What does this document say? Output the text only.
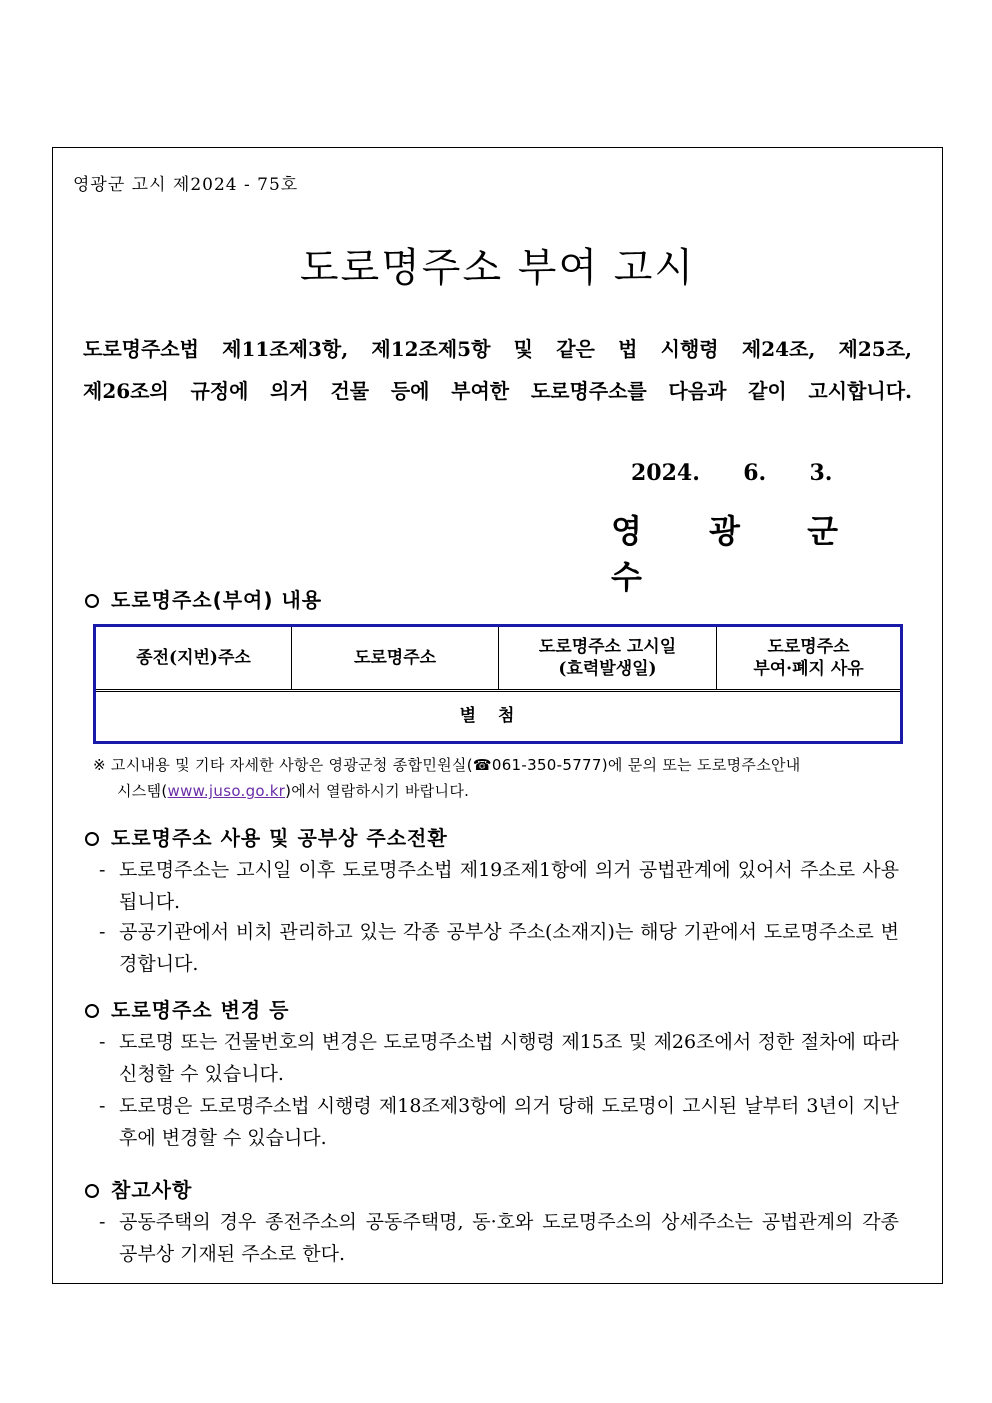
영광군 고시 제2024 - 75호
도로명주소 부여 고시
도로명주소법 제11조제3항, 제12조제5항 및 같은 법 시행령 제24조, 제25조,
제26조의 규정에 의거 건물 등에 부여한 도로명주소를 다음과 같이 고시합니다.
2024.  6.  3.
영 광 군 수
도로명주소(부여) 내용
종전(지번)주소	도로명주소
도로명주소 고시일
(효력발생일)
도로명주소
부여·폐지 사유
별첨
※ 고시내용 및 기타 자세한 사항은 영광군청 종합민원실(☎061-350-5777)에 문의 또는 도로명주소안내
시스템(www.juso.go.kr)에서 열람하시기 바랍니다.
도로명주소 사용 및 공부상 주소전환
- 도로명주소는 고시일 이후 도로명주소법 제19조제1항에 의거 공법관계에 있어서 주소로 사용됩니다.
- 공공기관에서 비치 관리하고 있는 각종 공부상 주소(소재지)는 해당 기관에서 도로명주소로 변경합니다.
도로명주소 변경 등
- 도로명 또는 건물번호의 변경은 도로명주소법 시행령 제15조 및 제26조에서 정한 절차에 따라 신청할 수 있습니다.
- 도로명은 도로명주소법 시행령 제18조제3항에 의거 당해 도로명이 고시된 날부터 3년이 지난 후에 변경할 수 있습니다.
참고사항
- 공동주택의 경우 종전주소의 공동주택명, 동·호와 도로명주소의 상세주소는 공법관계의 각종 공부상 기재된 주소로 한다.
